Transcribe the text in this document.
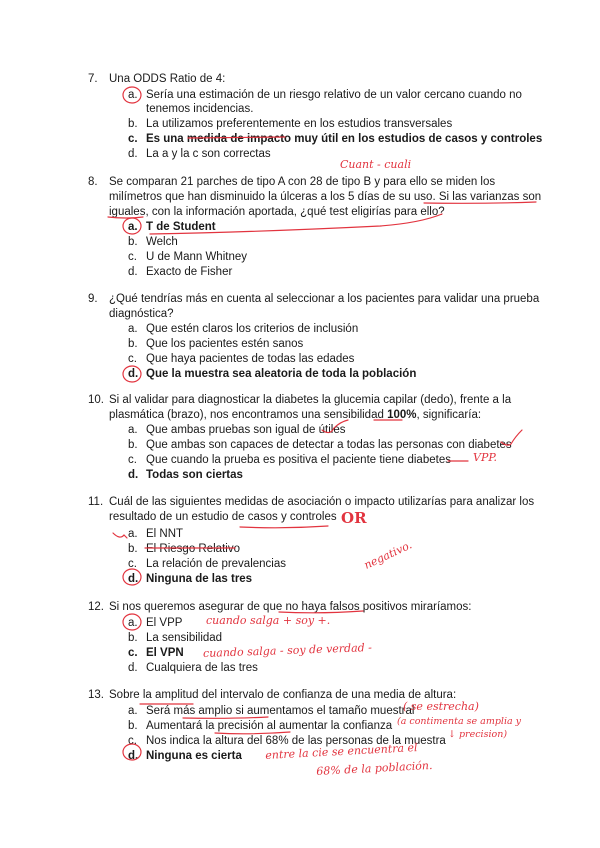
7. Una ODDS Ratio de 4:
a. Sería una estimación de un riesgo relativo de un valor cercano cuando no
tenemos incidencias.
b. La utilizamos preferentemente en los estudios transversales
c. Es una medida de impacto muy útil en los estudios de casos y controles
d. La a y la c son correctas
8. Se comparan 21 parches de tipo A con 28 de tipo B y para ello se miden los
milímetros que han disminuido la úlceras a los 5 días de su uso. Si las varianzas son
iguales, con la información aportada, ¿qué test eligirías para ello?
a. T de Student
b. Welch
c. U de Mann Whitney
d. Exacto de Fisher
9. ¿Qué tendrías más en cuenta al seleccionar a los pacientes para validar una prueba
diagnóstica?
a. Que estén claros los criterios de inclusión
b. Que los pacientes estén sanos
c. Que haya pacientes de todas las edades
d. Que la muestra sea aleatoria de toda la población
10. Si al validar para diagnosticar la diabetes la glucemia capilar (dedo), frente a la
plasmática (brazo), nos encontramos una sensibilidad 100%, significaría:
a. Que ambas pruebas son igual de útiles
b. Que ambas son capaces de detectar a todas las personas con diabetes
c. Que cuando la prueba es positiva el paciente tiene diabetes
d. Todas son ciertas
11. Cuál de las siguientes medidas de asociación o impacto utilizarías para analizar los
resultado de un estudio de casos y controles
a. El NNT
b. El Riesgo Relativo
c. La relación de prevalencias
d. Ninguna de las tres
12. Si nos queremos asegurar de que no haya falsos positivos miraríamos:
a. El VPP
b. La sensibilidad
c. El VPN
d. Cualquiera de las tres
13. Sobre la amplitud del intervalo de confianza de una media de altura:
a. Será más amplio si aumentamos el tamaño muestral
b. Aumentará la precisión al aumentar la confianza
c. Nos indica la altura del 68% de las personas de la muestra
d. Ninguna es cierta
Cuant - cuali
VPP.
OR
negativo.
cuando salga + soy +.
cuando salga - soy de verdad -
( se estrecha)
(a contimenta se amplia y
↓ precision)
entre la cie se encuentra el
68% de la población.
